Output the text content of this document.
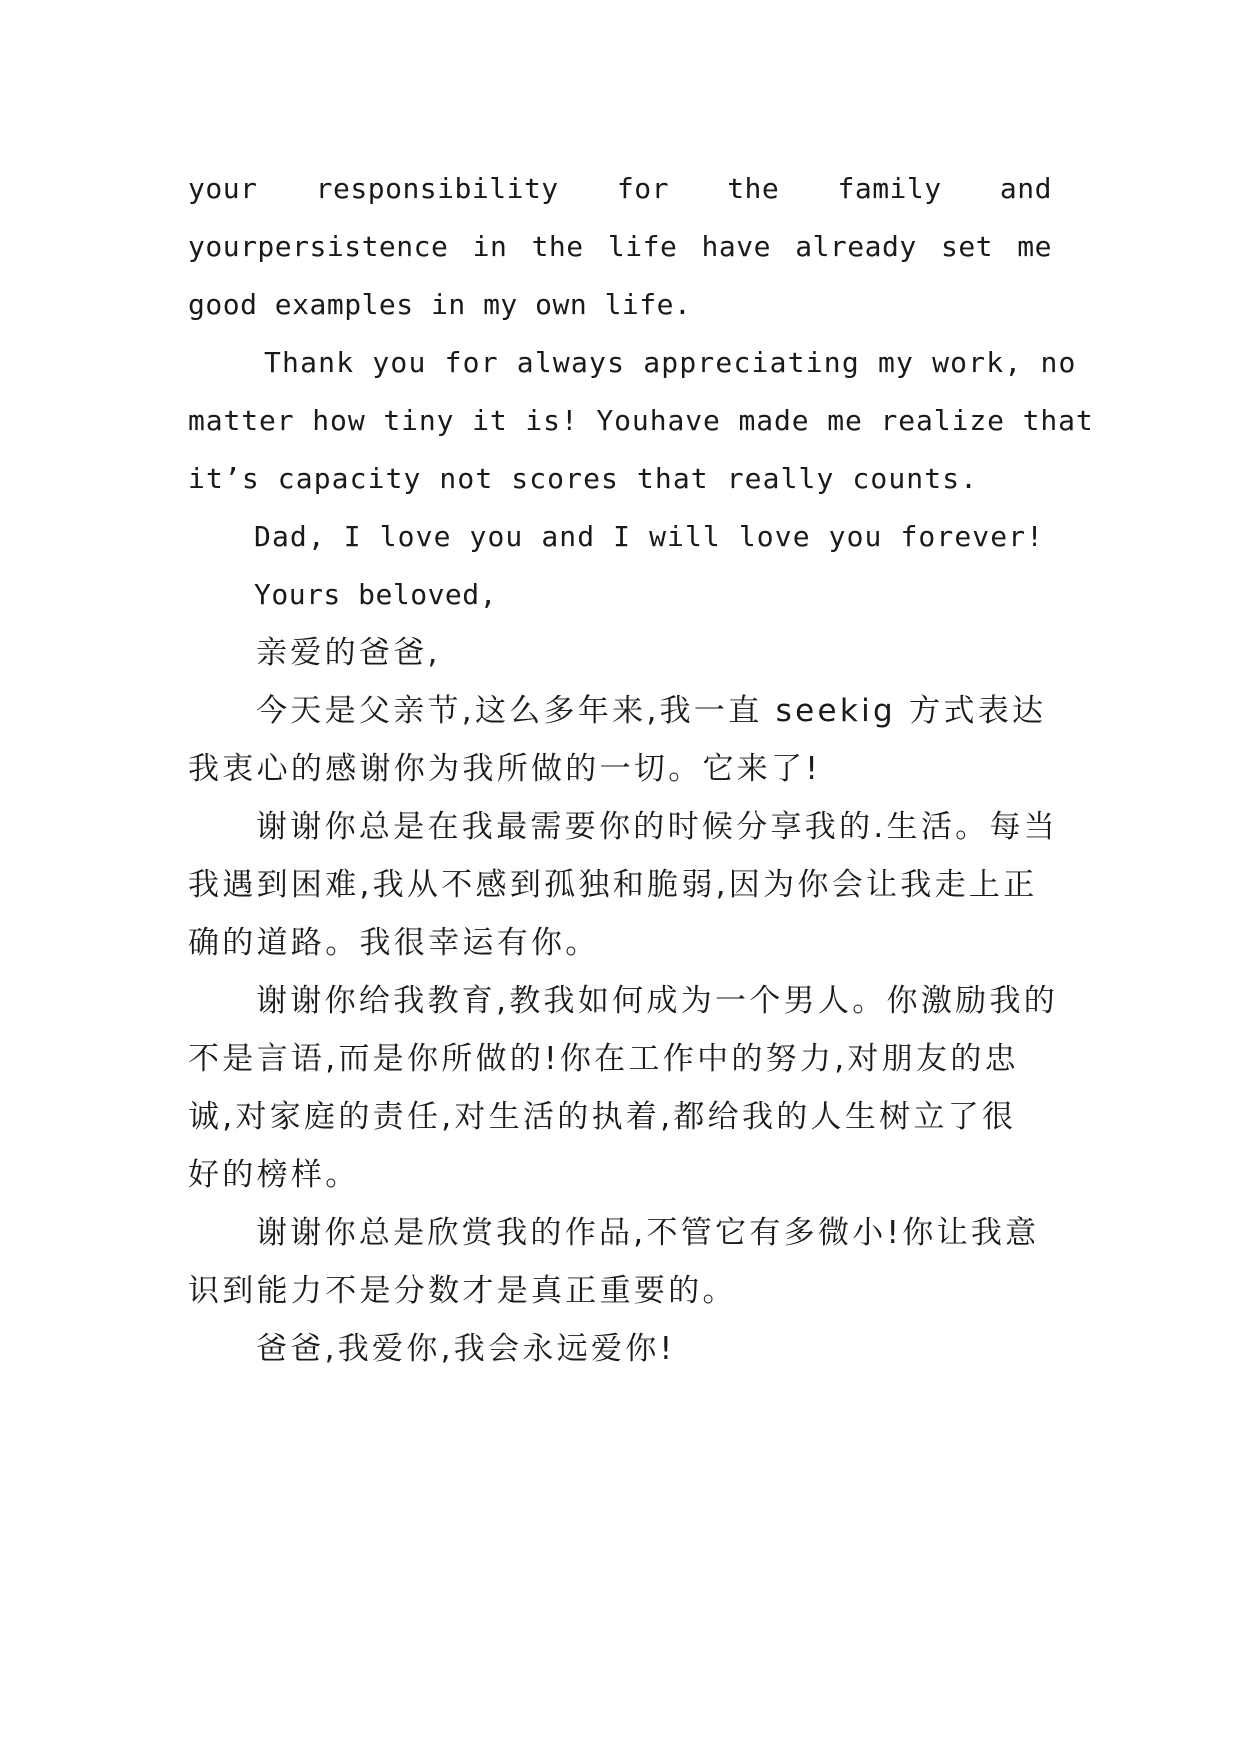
your responsibility for the family and
yourpersistence in the life have already set me
good examples in my own life.
Thank you for always appreciating my work, no
matter how tiny it is! Youhave made me realize that
it’s capacity not scores that really counts.
Dad, I love you and I will love you forever!
Yours beloved,
亲爱的爸爸,
今天是父亲节,这么多年来,我一直 seekig 方式表达
我衷心的感谢你为我所做的一切。它来了!
谢谢你总是在我最需要你的时候分享我的.生活。每当
我遇到困难,我从不感到孤独和脆弱,因为你会让我走上正
确的道路。我很幸运有你。
谢谢你给我教育,教我如何成为一个男人。你激励我的
不是言语,而是你所做的!你在工作中的努力,对朋友的忠
诚,对家庭的责任,对生活的执着,都给我的人生树立了很
好的榜样。
谢谢你总是欣赏我的作品,不管它有多微小!你让我意
识到能力不是分数才是真正重要的。
爸爸,我爱你,我会永远爱你!
